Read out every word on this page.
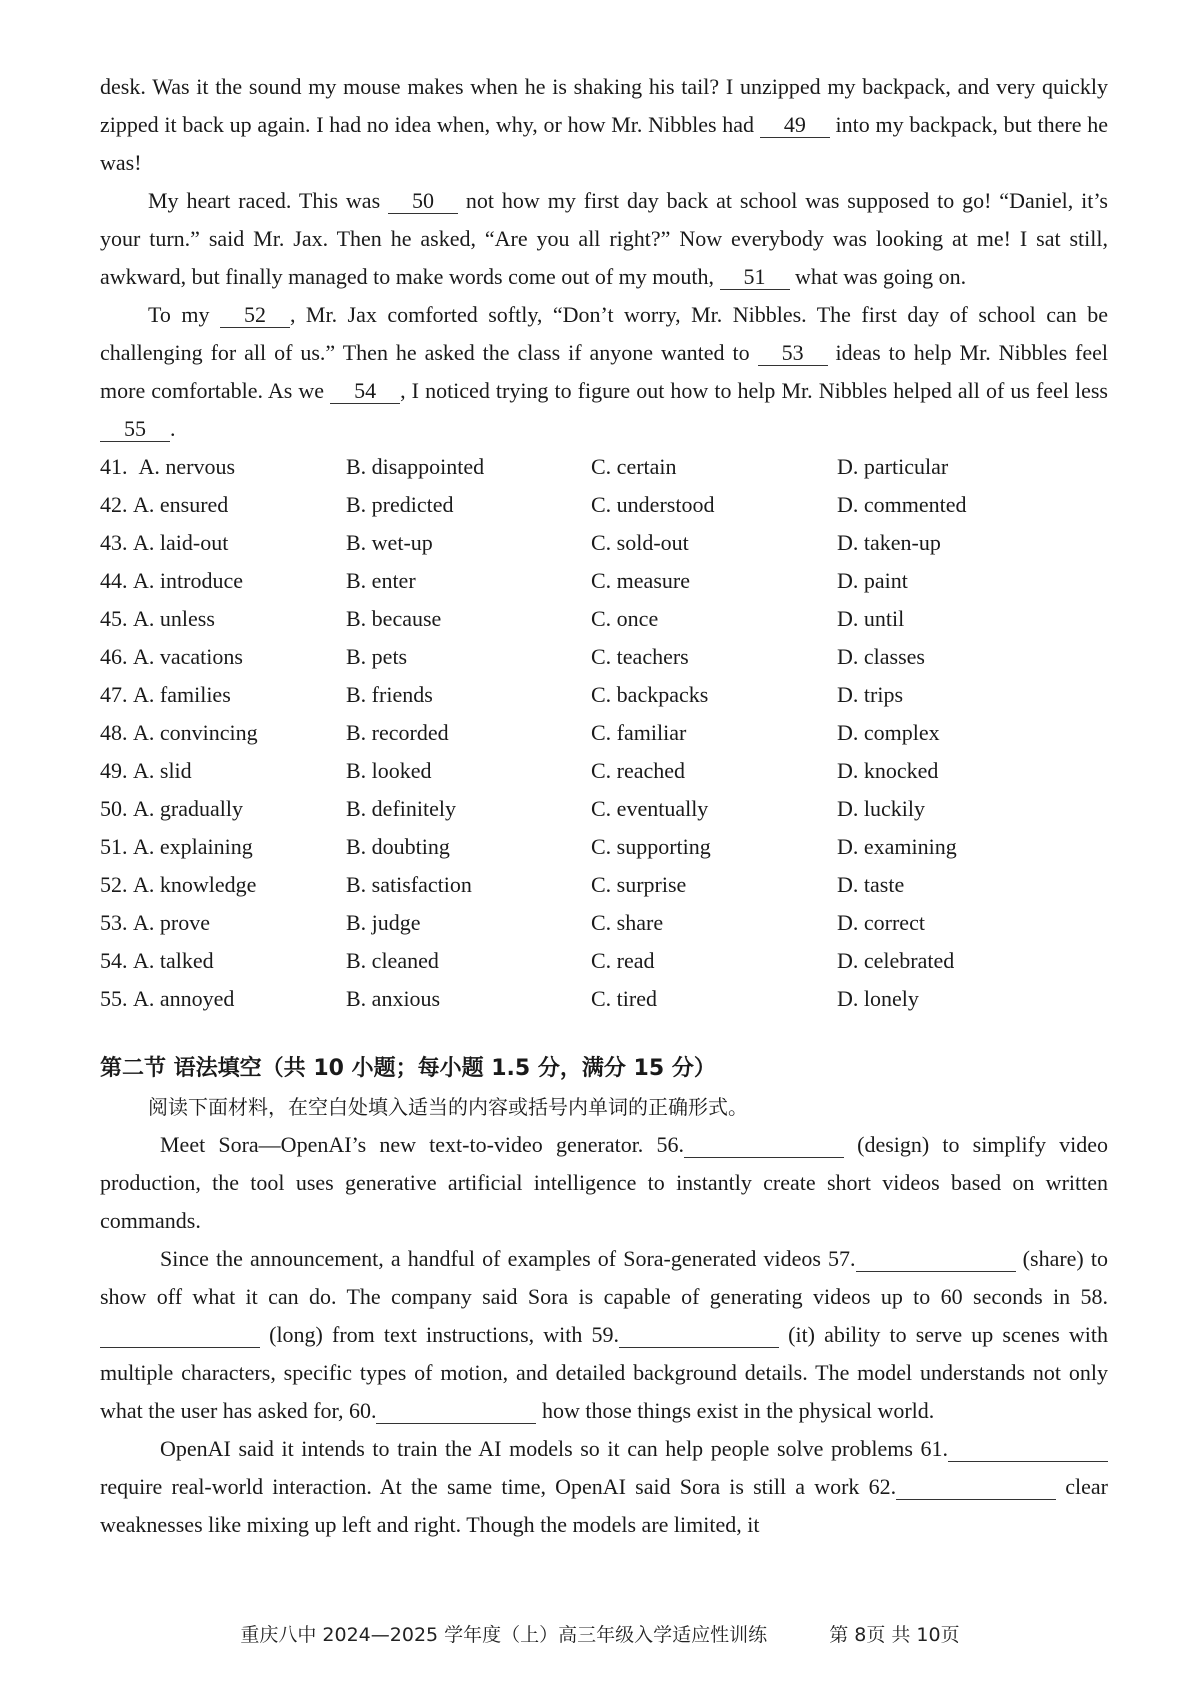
desk. Was it the sound my mouse makes when he is shaking his tail? I unzipped my backpack, and very quickly zipped it back up again. I had no idea when, why, or how Mr. Nibbles had 49 into my backpack, but there he was!

My heart raced. This was 50 not how my first day back at school was supposed to go! “Daniel, it’s your turn.” said Mr. Jax. Then he asked, “Are you all right?” Now everybody was looking at me! I sat still, awkward, but finally managed to make words come out of my mouth, 51 what was going on.

To my 52 , Mr. Jax comforted softly, “Don’t worry, Mr. Nibbles. The first day of school can be challenging for all of us.” Then he asked the class if anyone wanted to 53 ideas to help Mr. Nibbles feel more comfortable. As we 54 , I noticed trying to figure out how to help Mr. Nibbles helped all of us feel less 55 .

41. A. nervous	B. disappointed	C. certain	D. particular
42. A. ensured	B. predicted	C. understood	D. commented
43. A. laid-out	B. wet-up	C. sold-out	D. taken-up
44. A. introduce	B. enter	C. measure	D. paint
45. A. unless	B. because	C. once	D. until
46. A. vacations	B. pets	C. teachers	D. classes
47. A. families	B. friends	C. backpacks	D. trips
48. A. convincing	B. recorded	C. familiar	D. complex
49. A. slid	B. looked	C. reached	D. knocked
50. A. gradually	B. definitely	C. eventually	D. luckily
51. A. explaining	B. doubting	C. supporting	D. examining
52. A. knowledge	B. satisfaction	C. surprise	D. taste
53. A. prove	B. judge	C. share	D. correct
54. A. talked	B. cleaned	C. read	D. celebrated
55. A. annoyed	B. anxious	C. tired	D. lonely
第二节 语法填空（共 10 小题；每小题 1.5 分，满分 15 分）
阅读下面材料，在空白处填入适当的内容或括号内单词的正确形式。

Meet Sora—OpenAI’s new text-to-video generator. 56.	(design) to simplify video production, the tool uses generative artificial intelligence to instantly create short videos based on written commands.

Since the announcement, a handful of examples of Sora-generated videos 57.	(share) to show off what it can do. The company said Sora is capable of generating videos up to 60 seconds in 58.  (long) from text instructions, with 59.	(it) ability to serve up scenes with multiple characters, specific types of motion, and detailed background details. The model understands not only what the user has asked for, 60.	how those things exist in the physical world.

OpenAI said it intends to train the AI models so it can help people solve problems 61.  require real-world interaction. At the same time, OpenAI said Sora is still a work 62.	clear weaknesses like mixing up left and right. Though the models are limited, it

重庆八中 2024—2025 学年度（上）高三年级入学适应性训练	第 8页 共 10页
